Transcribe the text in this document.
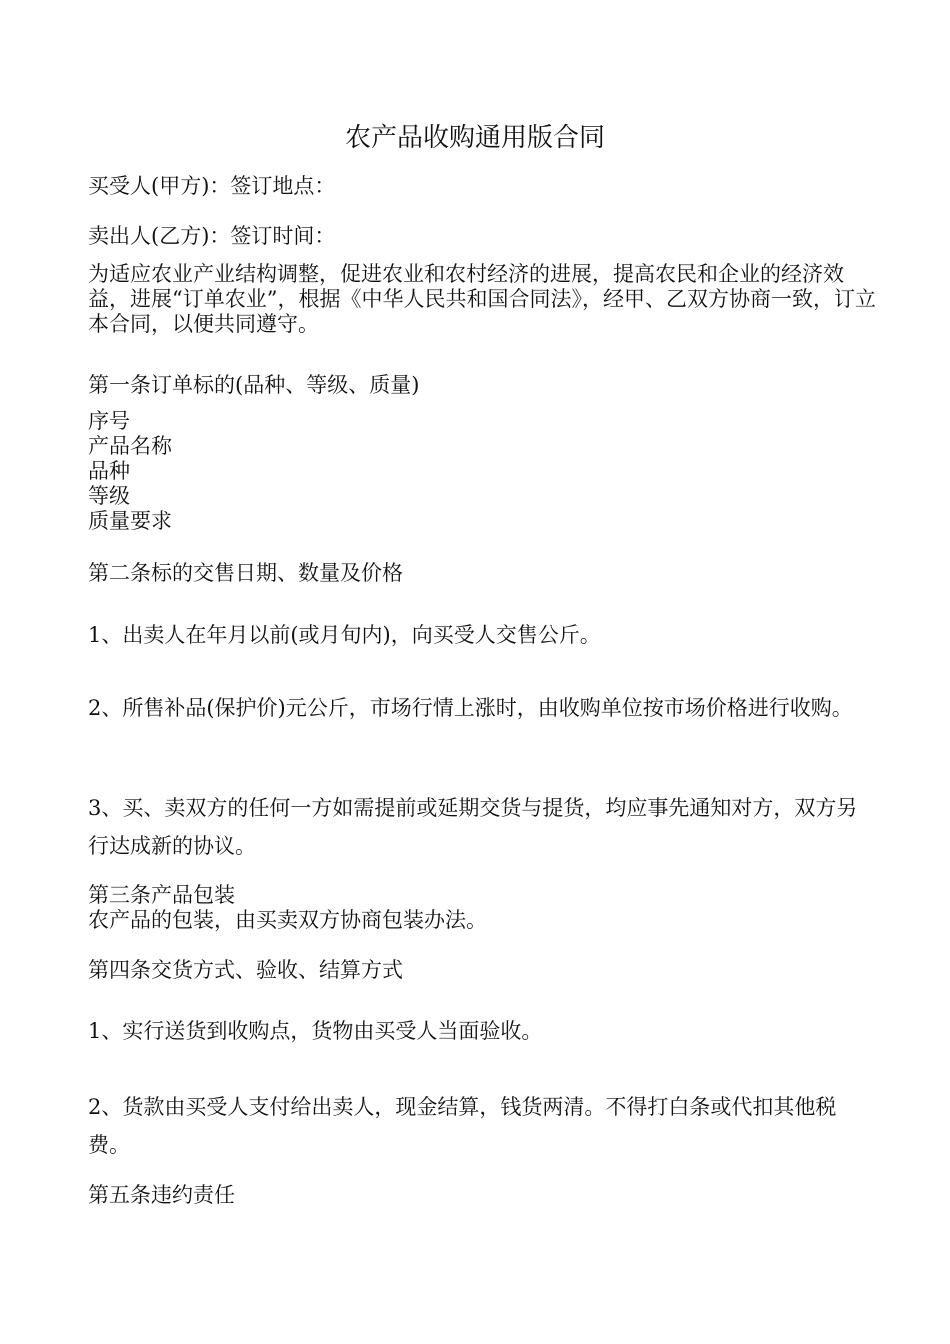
农产品收购通用版合同

买受人(甲方)：签订地点：

卖出人(乙方)：签订时间：

为适应农业产业结构调整，促进农业和农村经济的进展，提高农民和企业的经济效益，进展“订单农业”，根据《中华人民共和国合同法》，经甲、乙双方协商一致，订立本合同，以便共同遵守。

第一条订单标的(品种、等级、质量)

序号
产品名称
品种
等级
质量要求

第二条标的交售日期、数量及价格

1、出卖人在年月以前(或月旬内)，向买受人交售公斤。

2、所售补品(保护价)元公斤，市场行情上涨时，由收购单位按市场价格进行收购。

3、买、卖双方的任何一方如需提前或延期交货与提货，均应事先通知对方，双方另行达成新的协议。

第三条产品包装

农产品的包装，由买卖双方协商包装办法。

第四条交货方式、验收、结算方式

1、实行送货到收购点，货物由买受人当面验收。

2、货款由买受人支付给出卖人，现金结算，钱货两清。不得打白条或代扣其他税费。

第五条违约责任
